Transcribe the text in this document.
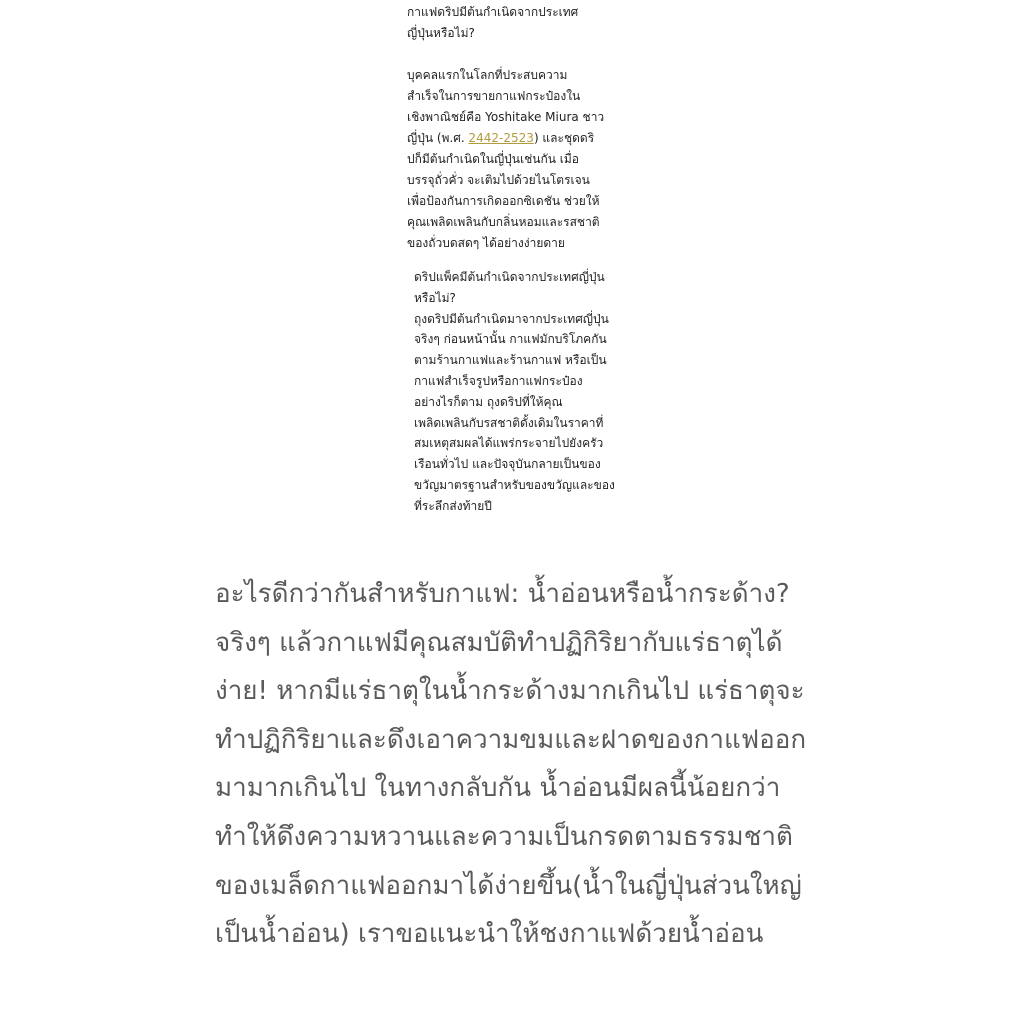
กาแฟดริปมีต้นกำเนิดจากประเทศ

ญี่ปุ่นหรือไม่?

บุคคลแรกในโลกที่ประสบความ

สำเร็จในการขายกาแฟกระป๋องใน

เชิงพาณิชย์คือ Yoshitake Miura ชาว

ญี่ปุ่น (พ.ศ. 2442-2523) และชุดดริ

ปก็มีต้นกำเนิดในญี่ปุ่นเช่นกัน เมื่อ

บรรจุถั่วคั่ว จะเติมไปด้วยไนโตรเจน

เพื่อป้องกันการเกิดออกซิเดชัน ช่วยให้

คุณเพลิดเพลินกับกลิ่นหอมและรสชาติ

ของถั่วบดสดๆ ได้อย่างง่ายดาย

ดริปแพ็คมีต้นกำเนิดจากประเทศญี่ปุ่น

หรือไม่?

ถุงดริปมีต้นกำเนิดมาจากประเทศญี่ปุ่น

จริงๆ ก่อนหน้านั้น กาแฟมักบริโภคกัน

ตามร้านกาแฟและร้านกาแฟ หรือเป็น

กาแฟสำเร็จรูปหรือกาแฟกระป๋อง

อย่างไรก็ตาม ถุงดริปที่ให้คุณ

เพลิดเพลินกับรสชาติดั้งเดิมในราคาที่

สมเหตุสมผลได้แพร่กระจายไปยังครัว

เรือนทั่วไป และปัจจุบันกลายเป็นของ

ขวัญมาตรฐานสำหรับของขวัญและของ

ที่ระลึกส่งท้ายปี

อะไรดีกว่ากันสำหรับกาแฟ: น้ำอ่อนหรือน้ำกระด้าง?

จริงๆ แล้วกาแฟมีคุณสมบัติทำปฏิกิริยากับแร่ธาตุได้

ง่าย! หากมีแร่ธาตุในน้ำกระด้างมากเกินไป แร่ธาตุจะ

ทำปฏิกิริยาและดึงเอาความขมและฝาดของกาแฟออก

มามากเกินไป ในทางกลับกัน น้ำอ่อนมีผลนี้น้อยกว่า

ทำให้ดึงความหวานและความเป็นกรดตามธรรมชาติ

ของเมล็ดกาแฟออกมาได้ง่ายขึ้น(น้ำในญี่ปุ่นส่วนใหญ่

เป็นน้ำอ่อน) เราขอแนะนำให้ชงกาแฟด้วยน้ำอ่อน
